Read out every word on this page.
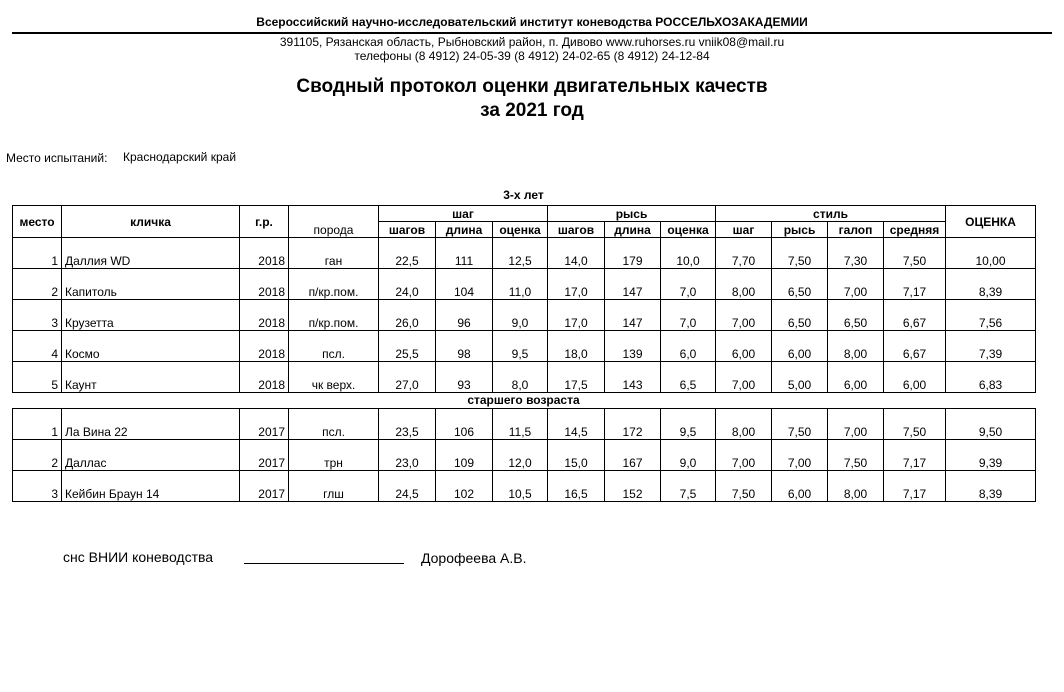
Всероссийский научно-исследовательский институт коневодства РОССЕЛЬХОЗАКАДЕМИИ
391105, Рязанская область, Рыбновский район, п. Дивово www.ruhorses.ru vniik08@mail.ru
телефоны (8 4912) 24-05-39 (8 4912) 24-02-65 (8 4912) 24-12-84
Сводный протокол оценки двигательных качеств
за 2021 год
Место испытаний: Краснодарский край
3-х лет
место	кличка	г.р.	порода	шаг			рысь			стиль				ОЦЕНКА
				шагов	длина	оценка	шагов	длина	оценка	шаг	рысь	галоп	средняя	
1	Даллия WD	2018	ган	22,5	111	12,5	14,0	179	10,0	7,70	7,50	7,30	7,50	10,00
2	Капитоль	2018	п/кр.пом.	24,0	104	11,0	17,0	147	7,0	8,00	6,50	7,00	7,17	8,39
3	Крузетта	2018	п/кр.пом.	26,0	96	9,0	17,0	147	7,0	7,00	6,50	6,50	6,67	7,56
4	Космо	2018	псл.	25,5	98	9,5	18,0	139	6,0	6,00	6,00	8,00	6,67	7,39
5	Каунт	2018	чк верх.	27,0	93	8,0	17,5	143	6,5	7,00	5,00	6,00	6,00	6,83
старшего возраста
1	Ла Вина 22	2017	псл.	23,5	106	11,5	14,5	172	9,5	8,00	7,50	7,00	7,50	9,50
2	Даллас	2017	трн	23,0	109	12,0	15,0	167	9,0	7,00	7,00	7,50	7,17	9,39
3	Кейбин Браун 14	2017	глш	24,5	102	10,5	16,5	152	7,5	7,50	6,00	8,00	7,17	8,39
снс ВНИИ коневодства	Дорофеева А.В.
